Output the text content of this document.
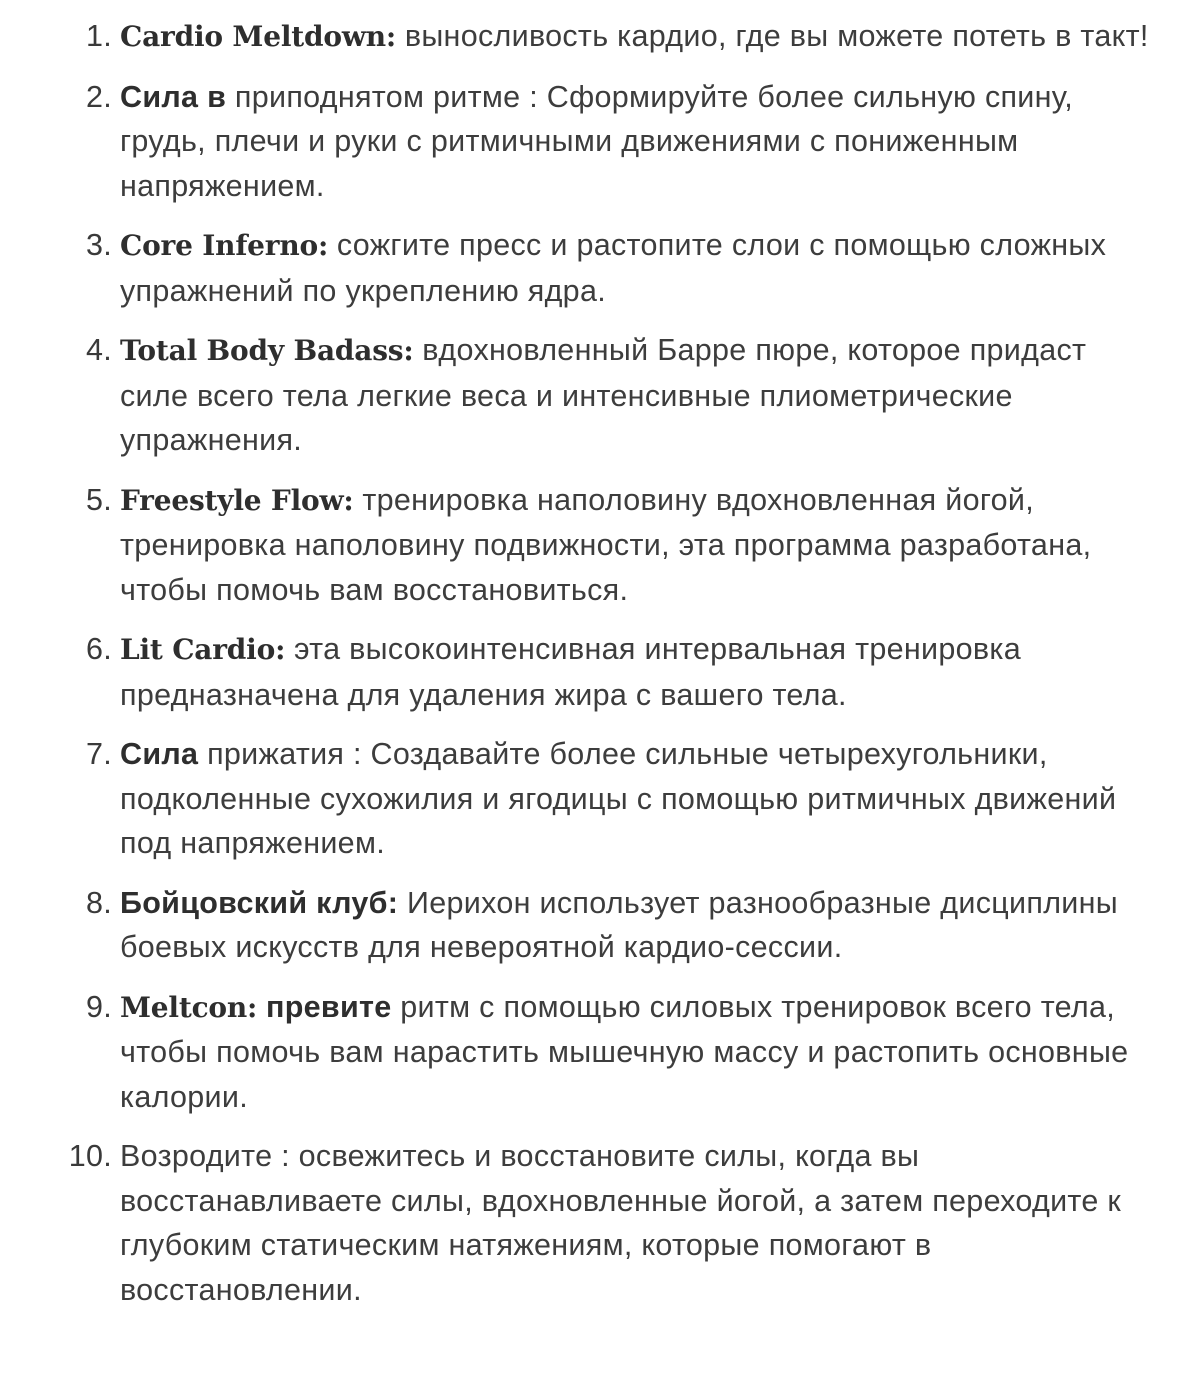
1. Cardio Meltdown: выносливость кардио, где вы можете потеть в такт!
2. Сила в приподнятом ритме : Сформируйте более сильную спину, грудь, плечи и руки с ритмичными движениями с пониженным напряжением.
3. Core Inferno: сожгите пресс и растопите слои с помощью сложных упражнений по укреплению ядра.
4. Total Body Badass: вдохновленный Барре пюре, которое придаст силе всего тела легкие веса и интенсивные плиометрические упражнения.
5. Freestyle Flow: тренировка наполовину вдохновленная йогой, тренировка наполовину подвижности, эта программа разработана, чтобы помочь вам восстановиться.
6. Lit Cardio: эта высокоинтенсивная интервальная тренировка предназначена для удаления жира с вашего тела.
7. Сила прижатия : Создавайте более сильные четырехугольники, подколенные сухожилия и ягодицы с помощью ритмичных движений под напряжением.
8. Бойцовский клуб: Иерихон использует разнообразные дисциплины боевых искусств для невероятной кардио-сессии.
9. Meltcon: превите ритм с помощью силовых тренировок всего тела, чтобы помочь вам нарастить мышечную массу и растопить основные калории.
10. Возродите : освежитесь и восстановите силы, когда вы восстанавливаете силы, вдохновленные йогой, а затем переходите к глубоким статическим натяжениям, которые помогают в восстановлении.
